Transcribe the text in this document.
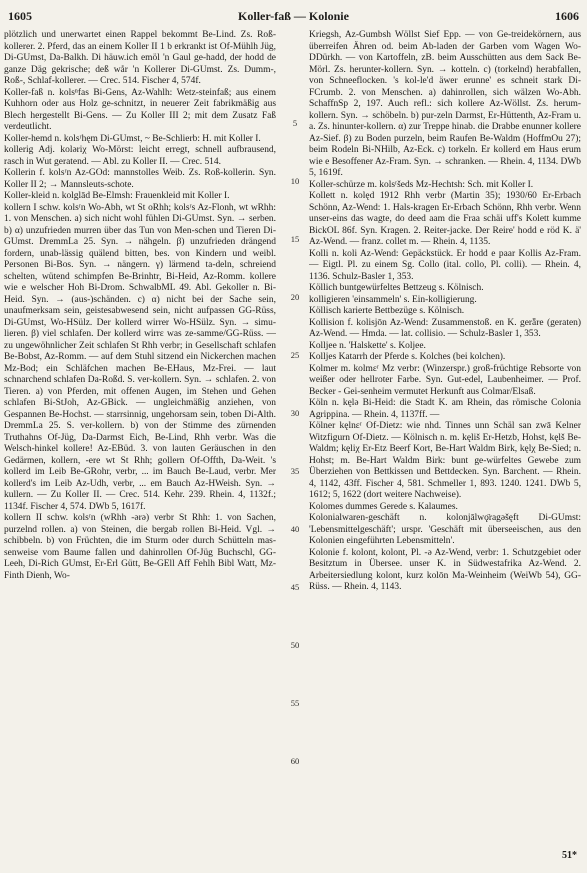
1605	Koller-faß — Kolonie	1606

plötzlich und unerwartet einen Rappel bekommt Be-Lind. Zs. Roß-kollerer. 2. Pferd, das an einem Koller II 1 b erkrankt ist Of-Mühlh Jüg, Di-GUmst, Da-Balkh. Di häuw.ich emöl 'n Gaul ge-hadd, der hodd de ganze Däg gekrische; deß wår 'n Kollerer Di-GUmst. Zs. Dumm-, Roß-, Schlaf-kollerer. — Crec. 514. Fischer 4, 574f.

Koller-faß n. kolsⁿfas Bi-Gens, Az-Wahlh: Wetz-steinfaß; aus einem Kuhhorn oder aus Holz ge-schnitzt, in neuerer Zeit fabrikmäßig aus Blech hergestellt Bi-Gens. — Zu Koller III 2; mit dem Zusatz Faß verdeutlicht.

Koller-hemd n. kolsʳhęm Di-GUmst, ~ Be-Schlierb: H. mit Koller I.

kollerig Adj. koləriχ Wo-Mörst: leicht erregt, schnell aufbrausend, rasch in Wut geratend. — Abl. zu Koller II. — Crec. 514.

Kollerin f. kolsʳn Az-GOd: mannstolles Weib. Zs. Roß-kollerin. Syn. Koller II 2; → Mannsleuts-schote.

Koller-kleid n. kolglād Be-Elmsh: Frauenkleid mit Koller I.

kollern I schw. kolsʳn Wo-Abh, wt St oRhh; kolsʳs Az-Flonh, wt wRhh: 1. von Menschen. a) sich nicht wohl fühlen Di-GUmst. Syn. → serben. b) α) unzufrieden murren über das Tun von Men-schen und Tieren Di-GUmst. DremmLa 25. Syn. → nähgeln. β) unzufrieden drängend fordern, unab-lässig quälend bitten, bes. von Kindern und weibl. Personen Bi-Bos. Syn. → nängern. γ) lärmend ta-deln, schreiend schelten, wütend schimpfen Be-Brinhtr, Bi-Heid, Az-Romm. kollere wie e welscher Hoh Bi-Drom. SchwalbML 49. Abl. Gekoller n. Bi-Heid. Syn. → (aus-)schänden. c) α) nicht bei der Sache sein, unaufmerksam sein, geistesabwesend sein, nicht aufpassen GG-Rüss, Di-GUmst, Wo-HSülz. Der kollerd wirrer Wo-HSülz. Syn. → simu-lieren. β) viel schlafen. Der kollerd wirrε was ze-samme/GG-Rüss. — zu ungewöhnlicher Zeit schlafen St Rhh verbr; in Gesellschaft schlafen Be-Bobst, Az-Romm. — auf dem Stuhl sitzend ein Nickerchen machen Mz-Bod; ein Schläfchen machen Be-EHaus, Mz-Frei. — laut schnarchend schlafen Da-Roßd. S. ver-kollern. Syn. → schlafen. 2. von Tieren. a) von Pferden, mit offenen Augen, im Stehen und Gehen schlafen Bi-StJoh, Az-GBick. — ungleichmäßig anziehen, von Gespannen Be-Hochst. — starrsinnig, ungehorsam sein, toben Di-Alth. DremmLa 25. S. ver-kollern. b) von der Stimme des zürnenden Truthahns Of-Jüg, Da-Darmst Eich, Be-Lind, Rhh verbr. Was die Welsch-hinkel kollere! Az-EBüd. 3. von lauten Geräuschen in den Gedärmen, kollern, -ere wt St Rhh; gollern Of-Offth, Da-Weit. 's kollerd im Leib Be-GRohr, verbr, ... im Bauch Be-Laud, verbr. Mer kollerd's im Leib Az-Udh, verbr, ... em Bauch Az-HWeish. Syn. → kullern. — Zu Koller II. — Crec. 514. Kehr. 239. Rhein. 4, 1132f.; 1134f. Fischer 4, 574. DWb 5, 1617f.

kollern II schw. kolsʳn (wRhh -ərə) verbr St Rhh: 1. von Sachen, purzelnd rollen. a) von Steinen, die bergab rollen Bi-Heid. Vgl. → schibbeln. b) von Früchten, die im Sturm oder durch Schütteln mas-senweise vom Baume fallen und dahinrollen Of-Jüg Buchschl, GG-Leeh, Di-Rich GUmst, Er-Erl Gütt, Be-GEll Aff Fehlh Bibl Watt, Mz-Finth Dienh, Wo-

5
10
15
20
25
30
35
40
45
50
55
60

Kriegsh, Az-Gumbsh Wöllst Sief Epp. — von Ge-treidekörnern, aus überreifen Ähren od. beim Ab-laden der Garben vom Wagen Wo-DDürkh. — von Kartoffeln, zB. beim Ausschütten aus dem Sack Be-Mörl. Zs. herunter-kollern. Syn. → kotteln. c) (torkelnd) herabfallen, von Schneeflocken. 's kol-le'd äwer erunne' es schneit stark Di-FCrumb. 2. von Menschen. a) dahinrollen, sich wälzen Wo-Abh. SchaffnSp 2, 197. Auch refl.: sich kollere Az-Wöllst. Zs. herum-kollern. Syn. → schöbeln. b) pur-zeln Darmst, Er-Hüttenth, Az-Fram u. a. Zs. hinunter-kollern. α) zur Treppe hinab. die Drabbe enunner kollere Az-Sief. β) zu Boden purzeln, beim Raufen Be-Waldm (HoffmOu 27); beim Rodeln Bi-NHilb, Az-Eck. c) torkeln. Er kollerd em Haus erum wie e Besoffener Az-Fram. Syn. → schranken. — Rhein. 4, 1134. DWb 5, 1619f.

Koller-schürze m. kolsʳšeds Mz-Hechtsh: Sch. mit Koller I.

Kollett n. kolęd 1912 Rhh verbr (Martin 35); 1930/60 Er-Erbach Schönn, Az-Wend: 1. Hals-kragen Er-Erbach Schönn, Rhh verbr. Wenn unser-eins das wagte, do deed aam die Fraa schäi uff's Kolett kumme BickOL 86f. Syn. Kragen. 2. Reiter-jacke. Der Reire' hodd e röd K. ä' Az-Wend. — franz. collet m. — Rhein. 4, 1135.

Kolli n. koli Az-Wend: Gepäckstück. Er hodd e paar Kollis Az-Fram. — Eigtl. Pl. zu einem Sg. Collo (ital. collo, Pl. colli). — Rhein. 4, 1136. Schulz-Basler 1, 353.

Köllich buntgewürfeltes Bettzeug s. Kölnisch.

kolligieren 'einsammeln' s. Ein-kolligierung.

Köllisch karierte Bettbezüge s. Kölnisch.

Kollision f. kolisjōn Az-Wend: Zusammenstoß. en K. gerǟre (geraten) Az-Wend. — Hmda. — lat. collisio. — Schulz-Basler 1, 353.

Kolljee n. 'Halskette' s. Koljee.

Kolljes Katarrh der Pferde s. Kolches (bei kolchen).

Kolmer m. kolmεʳ Mz verbr: (Winzerspr.) groß-früchtige Rebsorte von weißer oder hellroter Farbe. Syn. Gut-edel, Laubenheimer. — Prof. Becker - Gei-senheim vermutet Herkunft aus Colmar/Elsaß.

Köln n. kęlə Bi-Heid: die Stadt K. am Rhein, das römische Colonia Agrippina. — Rhein. 4, 1137ff. —

Kölner kęlnεʳ Of-Dietz: wie nhd. Tinnes unn Schäl san zwā Kelner Witzfigurn Of-Dietz. — Kölnisch n. m. kęliš Er-Hetzb, Hohst, kęlš Be-Waldm; kęliχ Er-Etz Beerf Kort, Be-Hart Waldm Birk, kęlχ Be-Sied; n. Hohst; m. Be-Hart Waldm Birk: bunt ge-würfeltes Gewebe zum Überziehen von Bettkissen und Bettdecken. Syn. Barchent. — Rhein. 4, 1142, 43ff. Fischer 4, 581. Schmeller 1, 893. 1240. 1241. DWb 5, 1612; 5, 1622 (dort weitere Nachweise).

Kolomes dummes Gerede s. Kalaumes.

Kolonialwaren-geschäft n. kolonjālwǫ̈ragəšęft Di-GUmst: 'Lebensmittelgeschäft'; urspr. 'Geschäft mit überseeischen, aus den Kolonien eingeführten Lebensmitteln'.

Kolonie f. kolont, kolont, Pl. -ə Az-Wend, verbr: 1. Schutzgebiet oder Besitztum in Übersee. unser K. in Südwestafrika Az-Wend. 2. Arbeitersiedlung kolont, kurz kolōn Ma-Weinheim (WeiWb 54), GG-Rüss. — Rhein. 4, 1143.

51*
